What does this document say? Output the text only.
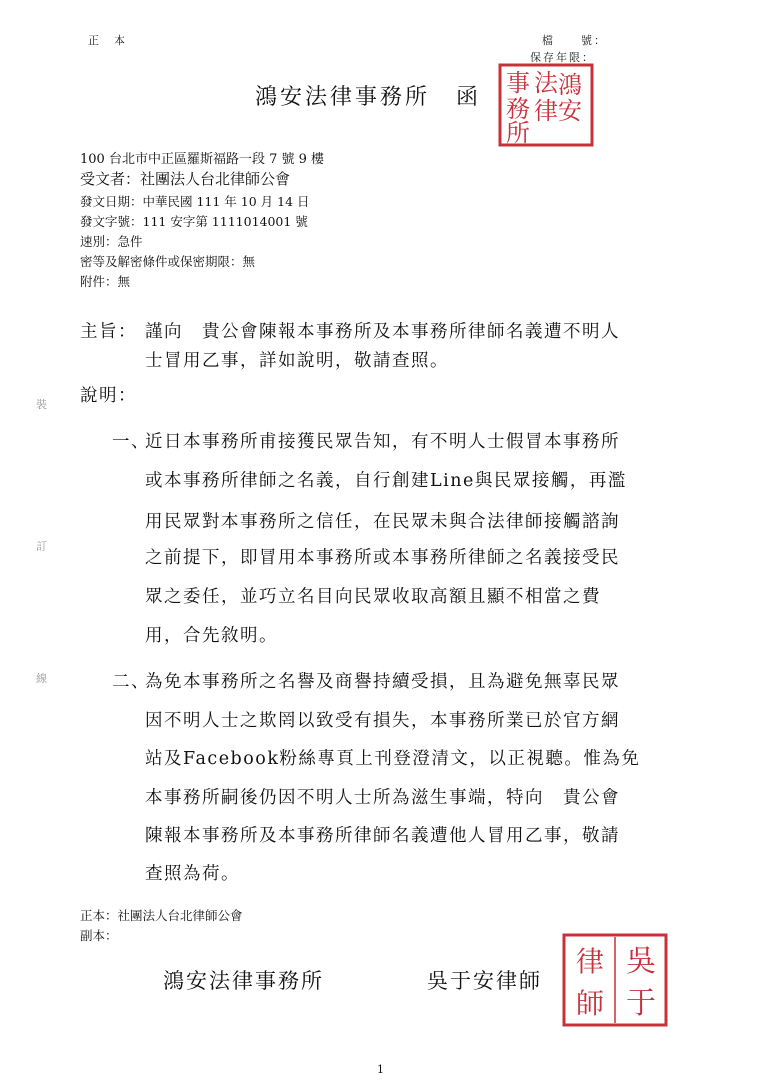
正　本	檔　　號：
保存年限：
鴻安法律事務所 函	鴻
法
事
安
律
務
所
100 台北市中正區羅斯福路一段 7 號 9 樓
受文者：社團法人台北律師公會
發文日期：中華民國 111 年 10 月 14 日
發文字號：111 安字第 1111014001 號
速別：急件
密等及解密條件或保密期限：無
附件：無
主旨： 謹向　貴公會陳報本事務所及本事務所律師名義遭不明人
士冒用乙事，詳如說明，敬請查照。
說明：
一、
近日本事務所甫接獲民眾告知，有不明人士假冒本事務所
或本事務所律師之名義，自行創建Line與民眾接觸，再濫
用民眾對本事務所之信任，在民眾未與合法律師接觸諮詢
之前提下，即冒用本事務所或本事務所律師之名義接受民
眾之委任，並巧立名目向民眾收取高額且顯不相當之費
用，合先敘明。
二、
為免本事務所之名譽及商譽持續受損，且為避免無辜民眾
因不明人士之欺罔以致受有損失，本事務所業已於官方網
站及Facebook粉絲專頁上刊登澄清文，以正視聽。惟為免
本事務所嗣後仍因不明人士所為滋生事端，特向　貴公會
陳報本事務所及本事務所律師名義遭他人冒用乙事，敬請
查照為荷。
正本：社團法人台北律師公會
副本：
鴻安法律事務所	吳于安律師
吳
于
律
師
裝
訂
線
1
